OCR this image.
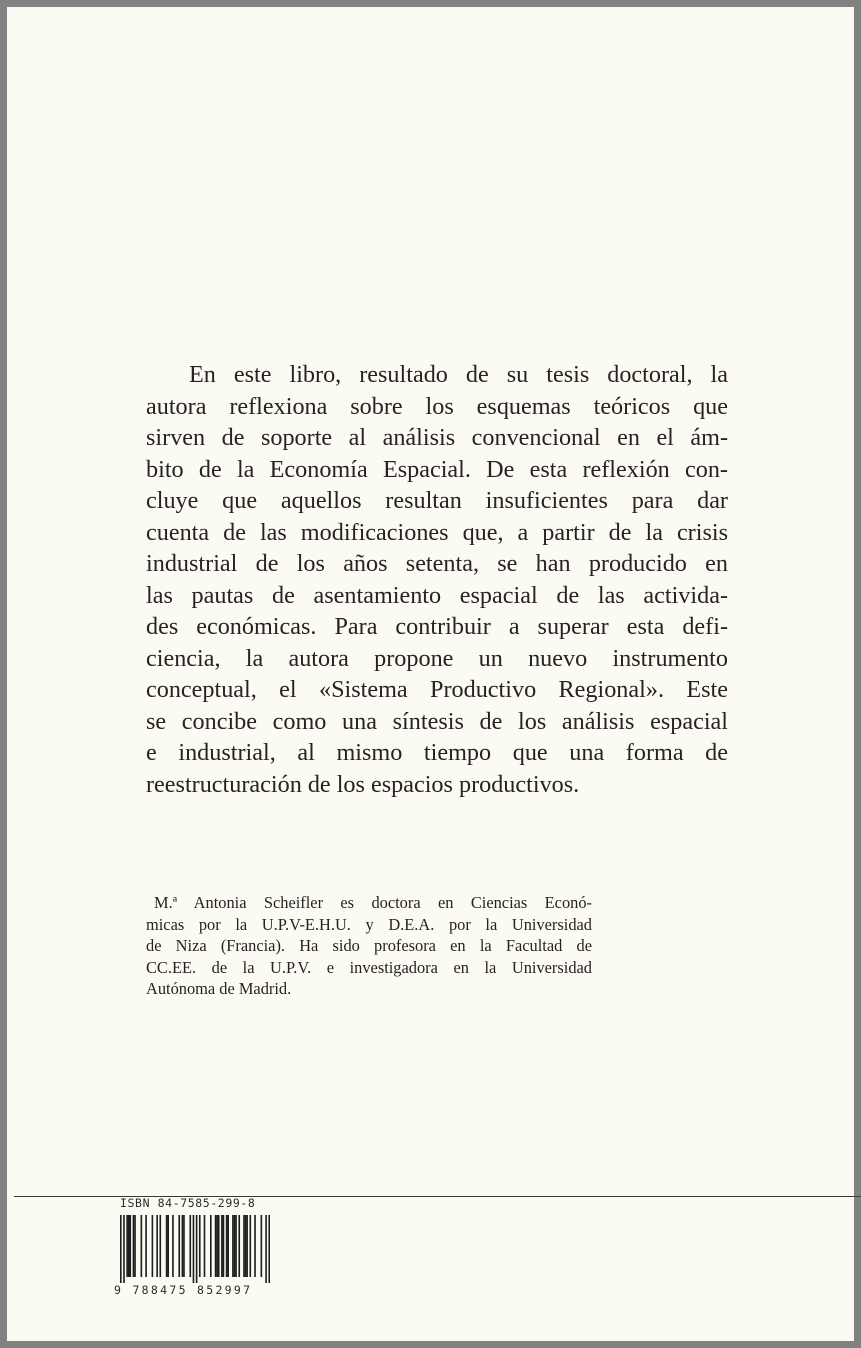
En este libro, resultado de su tesis doctoral, la
autora reflexiona sobre los esquemas teóricos que
sirven de soporte al análisis convencional en el ám-
bito de la Economía Espacial. De esta reflexión con-
cluye que aquellos resultan insuficientes para dar
cuenta de las modificaciones que, a partir de la crisis
industrial de los años setenta, se han producido en
las pautas de asentamiento espacial de las activida-
des económicas. Para contribuir a superar esta defi-
ciencia, la autora propone un nuevo instrumento
conceptual, el «Sistema Productivo Regional». Este
se concibe como una síntesis de los análisis espacial
e industrial, al mismo tiempo que una forma de
reestructuración de los espacios productivos.
M.ª Antonia Scheifler es doctora en Ciencias Econó-
micas por la U.P.V-E.H.U. y D.E.A. por la Universidad
de Niza (Francia). Ha sido profesora en la Facultad de
CC.EE. de la U.P.V. e investigadora en la Universidad
Autónoma de Madrid.
ISBN 84-7585-299-8
9 788475 852997
